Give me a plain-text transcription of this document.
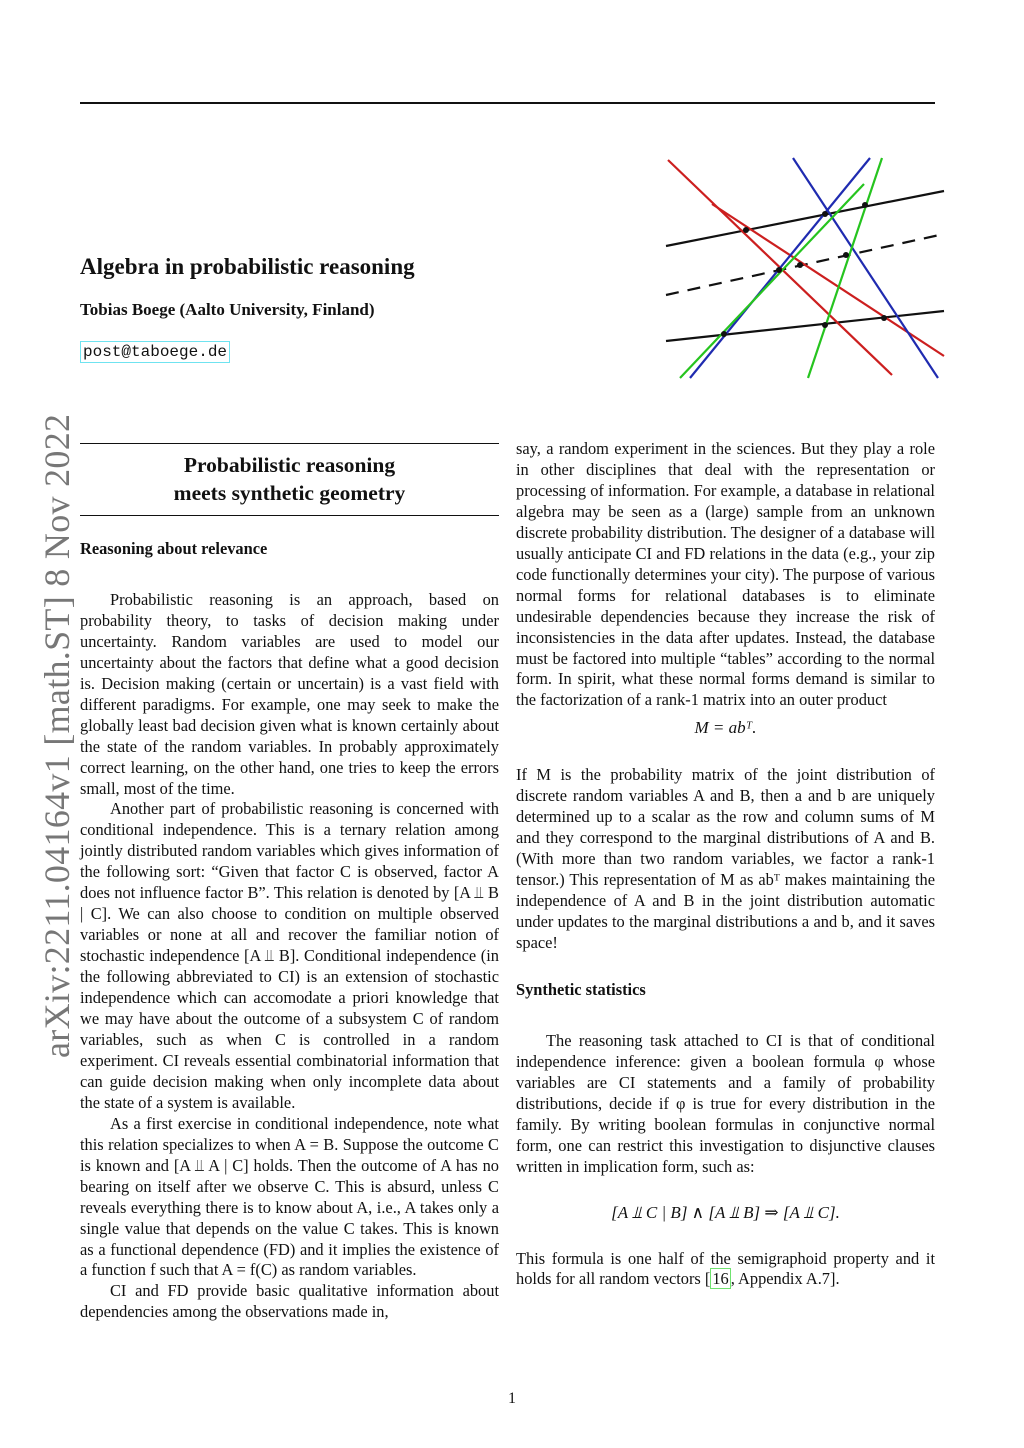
Algebra in probabilistic reasoning
Tobias Boege (Aalto University, Finland)
post@taboege.de
arXiv:2211.04164v1 [math.ST] 8 Nov 2022	Probabilistic reasoning
meets synthetic geometry
Reasoning about relevance

Probabilistic reasoning is an approach, based on probability theory, to tasks of decision making under uncertainty. Random variables are used to model our uncertainty about the factors that define what a good decision is. Decision making (certain or uncertain) is a vast field with different paradigms. For example, one may seek to make the globally least bad decision given what is known certainly about the state of the random variables. In probably approximately correct learning, on the other hand, one tries to keep the errors small, most of the time.

Another part of probabilistic reasoning is concerned with conditional independence. This is a ternary relation among jointly distributed random variables which gives information of the following sort: “Given that factor C is observed, factor A does not influence factor B”. This relation is denoted by [A ⫫ B | C]. We can also choose to condition on multiple observed variables or none at all and recover the familiar notion of stochastic independence [A ⫫ B]. Conditional independence (in the following abbreviated to CI) is an extension of stochastic independence which can accomodate a priori knowledge that we may have about the outcome of a subsystem C of random variables, such as when C is controlled in a random experiment. CI reveals essential combinatorial information that can guide decision making when only incomplete data about the state of a system is available.

As a first exercise in conditional independence, note what this relation specializes to when A = B. Suppose the outcome C is known and [A ⫫ A | C] holds. Then the outcome of A has no bearing on itself after we observe C. This is absurd, unless C reveals everything there is to know about A, i.e., A takes only a single value that depends on the value C takes. This is known as a functional dependence (FD) and it implies the existence of a function f such that A = f(C) as random variables.

CI and FD provide basic qualitative information about dependencies among the observations made in,

say, a random experiment in the sciences. But they play a role in other disciplines that deal with the representation or processing of information. For example, a database in relational algebra may be seen as a (large) sample from an unknown discrete probability distribution. The designer of a database will usually anticipate CI and FD relations in the data (e.g., your zip code functionally determines your city). The purpose of various normal forms for relational databases is to eliminate undesirable dependencies because they increase the risk of inconsistencies in the data after updates. Instead, the database must be factored into multiple “tables” according to the normal form. In spirit, what these normal forms demand is similar to the factorization of a rank-1 matrix into an outer product

M = abᵀ.

If M is the probability matrix of the joint distribution of discrete random variables A and B, then a and b are uniquely determined up to a scalar as the row and column sums of M and they correspond to the marginal distributions of A and B. (With more than two random variables, we factor a rank-1 tensor.) This representation of M as abᵀ makes maintaining the independence of A and B in the joint distribution automatic under updates to the marginal distributions a and b, and it saves space!

Synthetic statistics

The reasoning task attached to CI is that of conditional independence inference: given a boolean formula φ whose variables are CI statements and a family of probability distributions, decide if φ is true for every distribution in the family. By writing boolean formulas in conjunctive normal form, one can restrict this investigation to disjunctive clauses written in implication form, such as:

[A ⫫ C | B] ∧ [A ⫫ B] ⇒ [A ⫫ C].

This formula is one half of the semigraphoid property and it holds for all random vectors [ 16 , Appendix A.7].

1
